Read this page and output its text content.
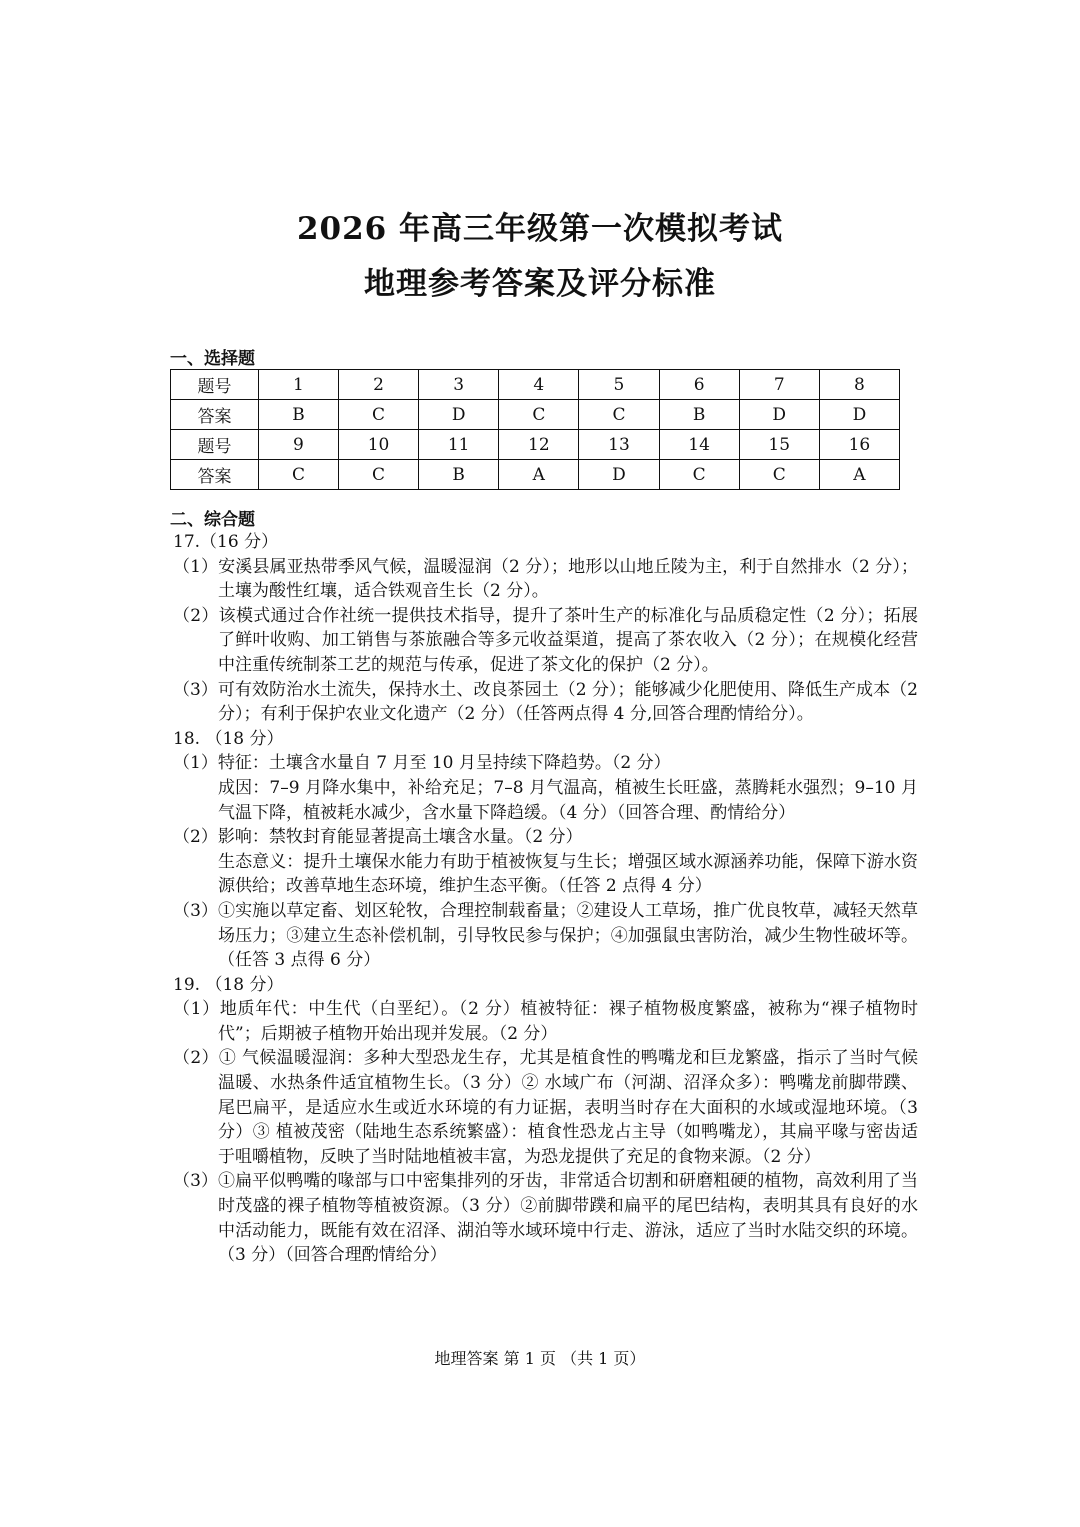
2026 年高三年级第一次模拟考试
地理参考答案及评分标准
一、选择题
题号	1	2	3	4	5	6	7	8
答案	B	C	D	C	C	B	D	D
题号	9	10	11	12	13	14	15	16
答案	C	C	B	A	D	C	C	A
二、综合题

17.（16 分）

（1）安溪县属亚热带季风气候，温暖湿润（2 分）；地形以山地丘陵为主，利于自然排水（2 分）；土壤为酸性红壤，适合铁观音生长（2 分）。

（2）该模式通过合作社统一提供技术指导，提升了茶叶生产的标准化与品质稳定性（2 分）；拓展了鲜叶收购、加工销售与茶旅融合等多元收益渠道，提高了茶农收入（2 分）；在规模化经营中注重传统制茶工艺的规范与传承，促进了茶文化的保护（2 分）。

（3）可有效防治水土流失，保持水土、改良茶园土（2 分）；能够减少化肥使用、降低生产成本（2 分）；有利于保护农业文化遗产（2 分）（任答两点得 4 分,回答合理酌情给分）。

18. （18 分）

（1）特征：土壤含水量自 7 月至 10 月呈持续下降趋势。（2 分）

成因：7–9 月降水集中，补给充足；7–8 月气温高，植被生长旺盛，蒸腾耗水强烈；9–10 月气温下降，植被耗水减少，含水量下降趋缓。（4 分）（回答合理、酌情给分）

（2）影响：禁牧封育能显著提高土壤含水量。（2 分）

生态意义：提升土壤保水能力有助于植被恢复与生长；增强区域水源涵养功能，保障下游水资源供给；改善草地生态环境，维护生态平衡。（任答 2 点得 4 分）

（3）①实施以草定畜、划区轮牧，合理控制载畜量；②建设人工草场，推广优良牧草，减轻天然草场压力；③建立生态补偿机制，引导牧民参与保护；④加强鼠虫害防治，减少生物性破坏等。（任答 3 点得 6 分）

19. （18 分）

（1）地质年代：中生代（白垩纪）。（2 分）植被特征：裸子植物极度繁盛，被称为“裸子植物时代”；后期被子植物开始出现并发展。（2 分）

（2）① 气候温暖湿润：多种大型恐龙生存，尤其是植食性的鸭嘴龙和巨龙繁盛，指示了当时气候温暖、水热条件适宜植物生长。（3 分）② 水域广布（河湖、沼泽众多）：鸭嘴龙前脚带蹼、尾巴扁平，是适应水生或近水环境的有力证据，表明当时存在大面积的水域或湿地环境。（3 分）③ 植被茂密（陆地生态系统繁盛）：植食性恐龙占主导（如鸭嘴龙），其扁平喙与密齿适于咀嚼植物，反映了当时陆地植被丰富，为恐龙提供了充足的食物来源。（2 分）

（3）①扁平似鸭嘴的喙部与口中密集排列的牙齿，非常适合切割和研磨粗硬的植物，高效利用了当时茂盛的裸子植物等植被资源。（3 分）②前脚带蹼和扁平的尾巴结构，表明其具有良好的水中活动能力，既能有效在沼泽、湖泊等水域环境中行走、游泳，适应了当时水陆交织的环境。（3 分）（回答合理酌情给分）

地理答案 第 1 页 （共 1 页）
